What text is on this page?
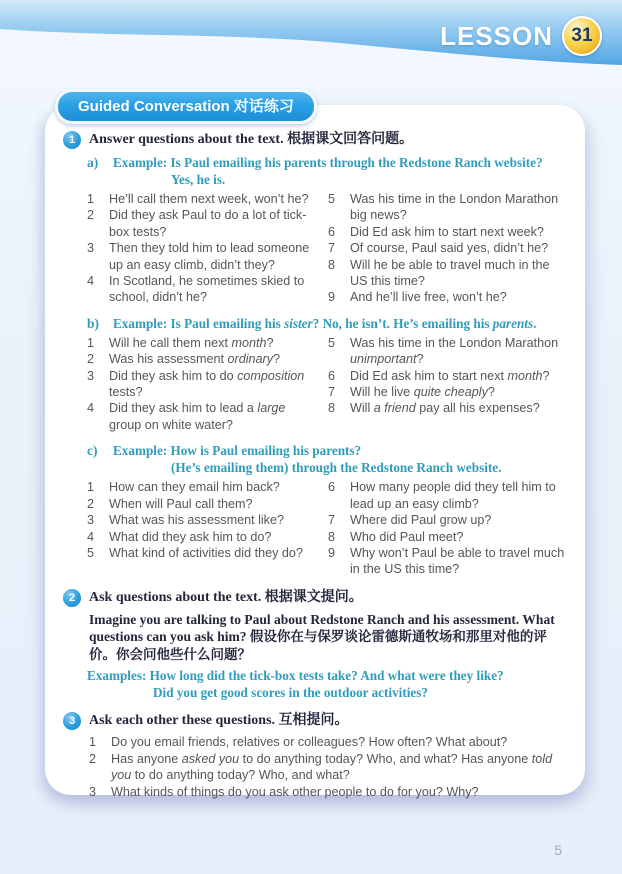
LESSON 31
Guided Conversation 对话练习
1 Answer questions about the text. 根据课文回答问题。
a)	Example: Is Paul emailing his parents through the Redstone Ranch website?
Yes, he is.
1	He’ll call them next week, won’t he?
2	Did they ask Paul to do a lot of tick-box tests?
3	Then they told him to lead someone up an easy climb, didn’t they?
4	In Scotland, he sometimes skied to school, didn’t he?
5	Was his time in the London Marathon big news?
6	Did Ed ask him to start next week?
7	Of course, Paul said yes, didn’t he?
8	Will he be able to travel much in the US this time?
9	And he’ll live free, won’t he?
b)	Example: Is Paul emailing his sister? No, he isn’t. He’s emailing his parents.
1	Will he call them next month?
2	Was his assessment ordinary?
3	Did they ask him to do composition tests?
4	Did they ask him to lead a large group on white water?
5	Was his time in the London Marathon unimportant?
6	Did Ed ask him to start next month?
7	Will he live quite cheaply?
8	Will a friend pay all his expenses?
c)	Example: How is Paul emailing his parents?
(He’s emailing them) through the Redstone Ranch website.
1	How can they email him back?
2	When will Paul call them?
3	What was his assessment like?
4	What did they ask him to do?
5	What kind of activities did they do?
6	How many people did they tell him to lead up an easy climb?
7	Where did Paul grow up?
8	Who did Paul meet?
9	Why won’t Paul be able to travel much in the US this time?
2 Ask questions about the text. 根据课文提问。
Imagine you are talking to Paul about Redstone Ranch and his assessment. What questions can you ask him? 假设你在与保罗谈论雷德斯通牧场和那里对他的评价。你会问他些什么问题？
Examples: How long did the tick-box tests take? And what were they like?
Did you get good scores in the outdoor activities?
3 Ask each other these questions. 互相提问。
1	Do you email friends, relatives or colleagues? How often? What about?
2	Has anyone asked you to do anything today? Who, and what? Has anyone told you to do anything today? Who, and what?
3	What kinds of things do you ask other people to do for you? Why?
5
